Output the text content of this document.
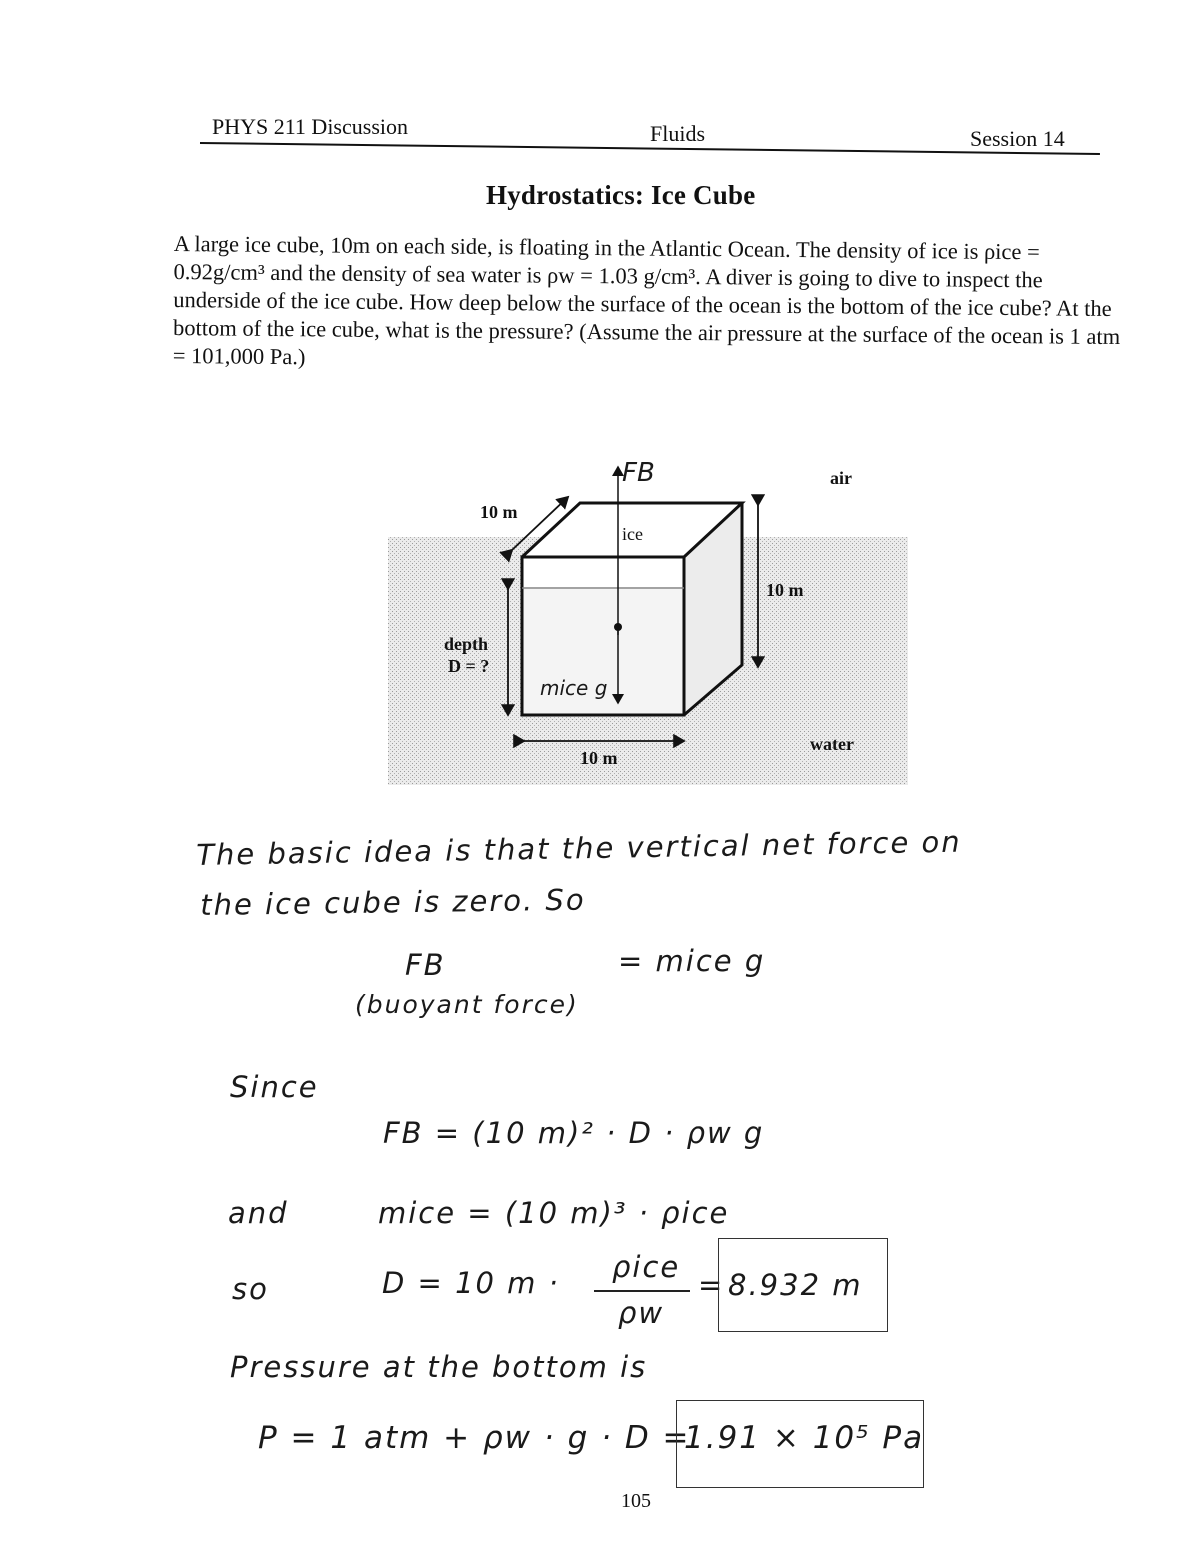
PHYS 211 Discussion	Fluids	Session 14
Hydrostatics: Ice Cube

A large ice cube, 10m on each side, is floating in the Atlantic Ocean. The density of ice is ρice = 0.92g/cm³ and the density of sea water is ρw = 1.03 g/cm³. A diver is going to dive to inspect the underside of the ice cube. How deep below the surface of the ocean is the bottom of the ice cube? At the bottom of the ice cube, what is the pressure? (Assume the air pressure at the surface of the ocean is 1 atm = 101,000 Pa.)

FB	air
10 m
ice
10 m
depth
D = ?
mice g
water
10 m
The basic idea is that the vertical net force on
the ice cube is zero. So
FB	= mice g
(buoyant force)
Since
FB = (10 m)² · D · ρw g
and	mice = (10 m)³ · ρice
so	D = 10 m · ρice
ρw
= 8.932 m
Pressure at the bottom is
P = 1 atm + ρw · g · D =
1.91 × 10⁵ Pa
105
